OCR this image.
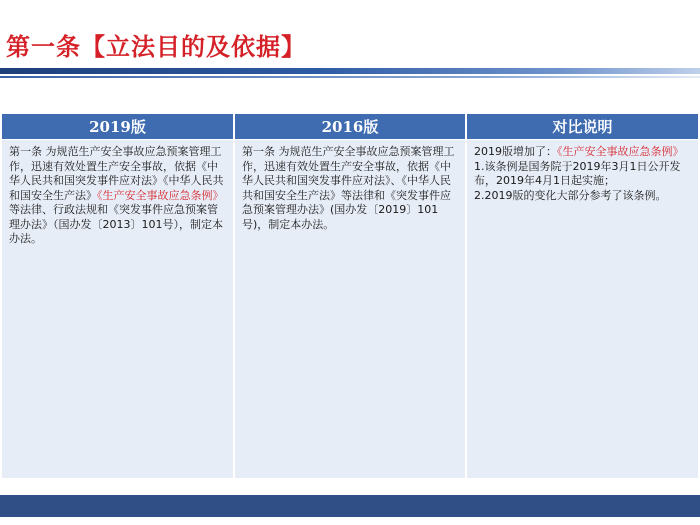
第一条【立法目的及依据】
2019版	2016版	对比说明
第一条 为规范生产安全事故应急预案管理工作，迅速有效处置生产安全事故，依据《中华人民共和国突发事件应对法》《中华人民共和国安全生产法》《生产安全事故应急条例》等法律、行政法规和《突发事件应急预案管理办法》（国办发〔2013〕101号），制定本办法。	第一条 为规范生产安全事故应急预案管理工作，迅速有效处置生产安全事故，依据《中华人民共和国突发事件应对法》、《中华人民共和国安全生产法》等法律和《突发事件应急预案管理办法》(国办发〔2019〕101号)，制定本办法。	2019版增加了：《生产安全事故应急条例》
1.该条例是国务院于2019年3月1日公开发布，2019年4月1日起实施；
2.2019版的变化大部分参考了该条例。
